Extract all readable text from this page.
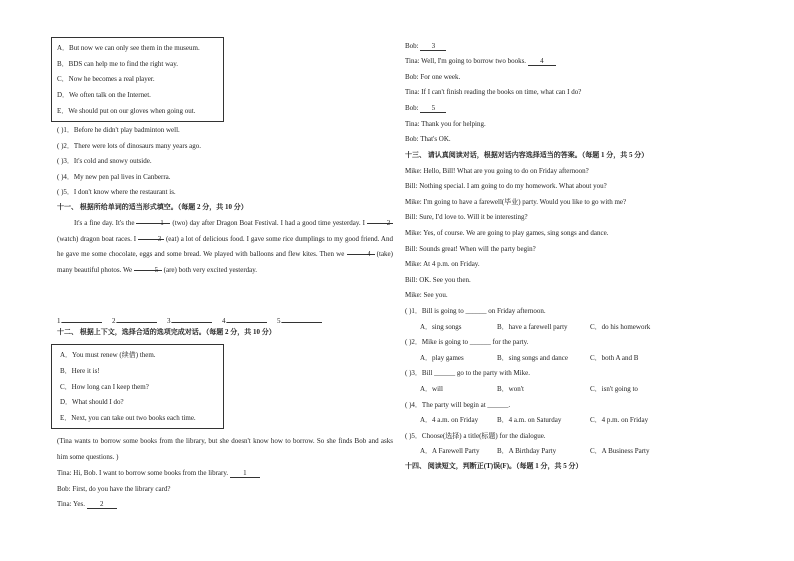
A．But now we can only see them in the museum.
B．BDS can help me to find the right way.
C．Now he becomes a real player.
D．We often talk on the Internet.
E．We should put on our gloves when going out.
( )1．Before he didn't play badminton well.
( )2．There were lots of dinosaurs many years ago.
( )3．It's cold and snowy outside.
( )4．My new pen pal lives in Canberra.
( )5．I don't know where the restaurant is.
十一、 根据所给单词的适当形式填空。（每题 2 分，共 10 分）
It's a fine day. It's the	1 (two) day after Dragon Boat Festival. I had a good time yesterday. I	2 (watch) dragon boat races. I	3 (eat) a lot of delicious food. I gave some rice dumplings to my good friend. And he gave me some chocolate, eggs and some bread. We played with balloons and flew kites. Then we	4 (take) many beautiful photos. We	5 (are) both very excited yesterday.
1.	2.	3.	4.	5.
十二、 根据上下文，选择合适的选项完成对话。（每题 2 分，共 10 分）
A．You must renew (续借) them.
B．Here it is!
C．How long can I keep them?
D．What should I do?
E．Next, you can take out two books each time.
(Tina wants to borrow some books from the library, but she doesn't know how to borrow. So she finds Bob and asks him some questions. )
Tina: Hi, Bob. I want to borrow some books from the library. 1
Bob: First, do you have the library card?
Tina: Yes. 2
Bob: 3
Tina: Well, I'm going to borrow two books. 4
Bob: For one week.
Tina: If I can't finish reading the books on time, what can I do?
Bob: 5
Tina: Thank you for helping.
Bob: That's OK.
十三、 请认真阅读对话，根据对话内容选择适当的答案。（每题 1 分，共 5 分）
Mike: Hello, Bill! What are you going to do on Friday afternoon?
Bill: Nothing special. I am going to do my homework. What about you?
Mike: I'm going to have a farewell(毕业) party. Would you like to go with me?
Bill: Sure, I'd love to. Will it be interesting?
Mike: Yes, of course. We are going to play games, sing songs and dance.
Bill: Sounds great! When will the party begin?
Mike: At 4 p.m. on Friday.
Bill: OK. See you then.
Mike: See you.
( )1．Bill is going to ______ on Friday afternoon.
A．sing songs	B．have a farewell party	C．do his homework
( )2．Mike is going to ______ for the party.
A．play games	B．sing songs and dance	C．both A and B
( )3．Bill ______ go to the party with Mike.
A．will	B．won't	C．isn't going to
( )4．The party will begin at ______.
A．4 a.m. on Friday	B．4 a.m. on Saturday	C．4 p.m. on Friday
( )5．Choose(选择) a title(标题) for the dialogue.
A．A Farewell Party	B．A Birthday Party	C．A Business Party
十四、 阅读短文，判断正(T)误(F)。（每题 1 分，共 5 分）
